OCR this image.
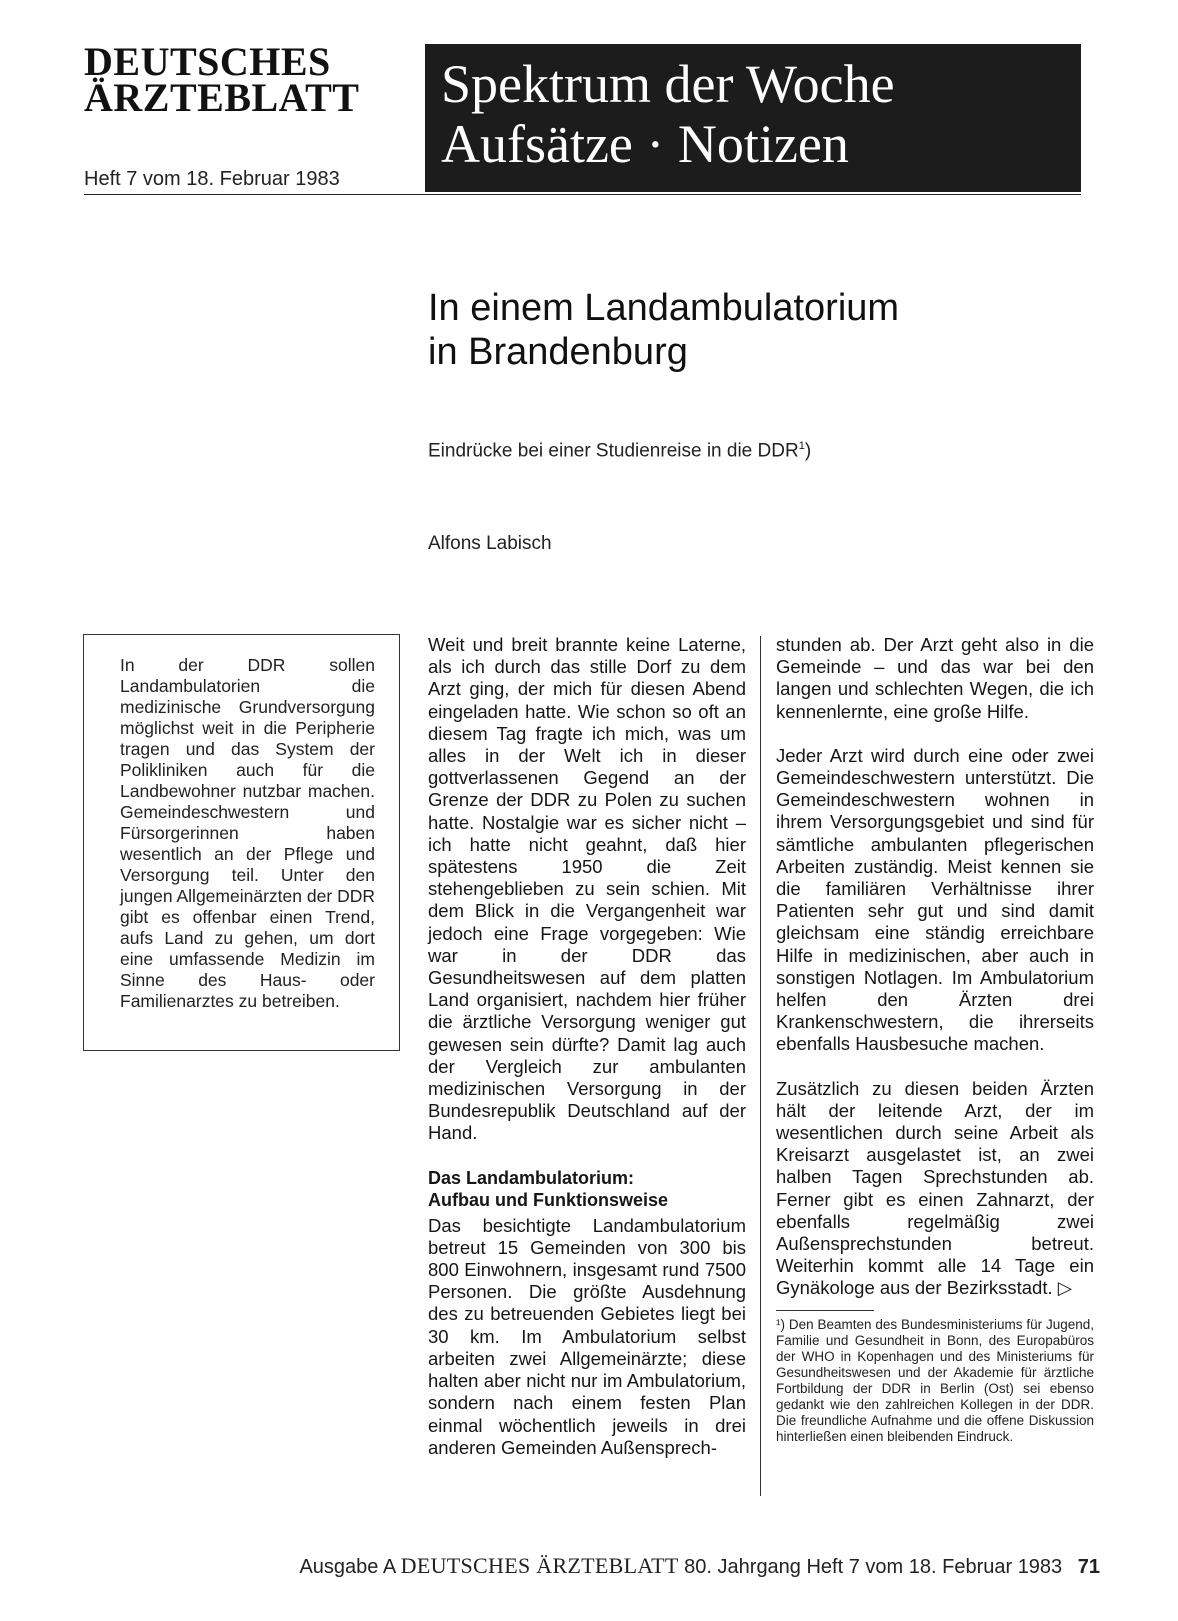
DEUTSCHES
ÄRZTEBLATT
Heft 7 vom 18. Februar 1983
Spektrum der Woche
Aufsätze · Notizen
In einem Landambulatorium
in Brandenburg
Eindrücke bei einer Studienreise in die DDR$^1$)
Alfons Labisch
In der DDR sollen Landambulatorien die medizinische Grundversorgung möglichst weit in die Peripherie tragen und das System der Polikliniken auch für die Landbewohner nutzbar machen. Gemeindeschwestern und Fürsorgerinnen haben wesentlich an der Pflege und Versorgung teil. Unter den jungen Allgemeinärzten der DDR gibt es offenbar einen Trend, aufs Land zu gehen, um dort eine umfassende Medizin im Sinne des Haus- oder Familienarztes zu betreiben.

Weit und breit brannte keine Laterne, als ich durch das stille Dorf zu dem Arzt ging, der mich für diesen Abend eingeladen hatte. Wie schon so oft an diesem Tag fragte ich mich, was um alles in der Welt ich in dieser gottverlassenen Gegend an der Grenze der DDR zu Polen zu suchen hatte. Nostalgie war es sicher nicht – ich hatte nicht geahnt, daß hier spätestens 1950 die Zeit stehengeblieben zu sein schien. Mit dem Blick in die Vergangenheit war jedoch eine Frage vorgegeben: Wie war in der DDR das Gesundheitswesen auf dem platten Land organisiert, nachdem hier früher die ärztliche Versorgung weniger gut gewesen sein dürfte? Damit lag auch der Vergleich zur ambulanten medizinischen Versorgung in der Bundesrepublik Deutschland auf der Hand.

Das Landambulatorium:
Aufbau und Funktionsweise

Das besichtigte Landambulatorium betreut 15 Gemeinden von 300 bis 800 Einwohnern, insgesamt rund 7500 Personen. Die größte Ausdehnung des zu betreuenden Gebietes liegt bei 30 km. Im Ambulatorium selbst arbeiten zwei Allgemeinärzte; diese halten aber nicht nur im Ambulatorium, sondern nach einem festen Plan einmal wöchentlich jeweils in drei anderen Gemeinden Außensprech-

stunden ab. Der Arzt geht also in die Gemeinde – und das war bei den langen und schlechten Wegen, die ich kennenlernte, eine große Hilfe.

Jeder Arzt wird durch eine oder zwei Gemeindeschwestern unterstützt. Die Gemeindeschwestern wohnen in ihrem Versorgungsgebiet und sind für sämtliche ambulanten pflegerischen Arbeiten zuständig. Meist kennen sie die familiären Verhältnisse ihrer Patienten sehr gut und sind damit gleichsam eine ständig erreichbare Hilfe in medizinischen, aber auch in sonstigen Notlagen. Im Ambulatorium helfen den Ärzten drei Krankenschwestern, die ihrerseits ebenfalls Hausbesuche machen.

Zusätzlich zu diesen beiden Ärzten hält der leitende Arzt, der im wesentlichen durch seine Arbeit als Kreisarzt ausgelastet ist, an zwei halben Tagen Sprechstunden ab. Ferner gibt es einen Zahnarzt, der ebenfalls regelmäßig zwei Außensprechstunden betreut. Weiterhin kommt alle 14 Tage ein Gynäkologe aus der Bezirksstadt. ▷

¹) Den Beamten des Bundesministeriums für Jugend, Familie und Gesundheit in Bonn, des Europabüros der WHO in Kopenhagen und des Ministeriums für Gesundheitswesen und der Akademie für ärztliche Fortbildung der DDR in Berlin (Ost) sei ebenso gedankt wie den zahlreichen Kollegen in der DDR. Die freundliche Aufnahme und die offene Diskussion hinterließen einen bleibenden Eindruck.
Ausgabe A DEUTSCHES ÄRZTEBLATT 80. Jahrgang Heft 7 vom 18. Februar 1983 71
